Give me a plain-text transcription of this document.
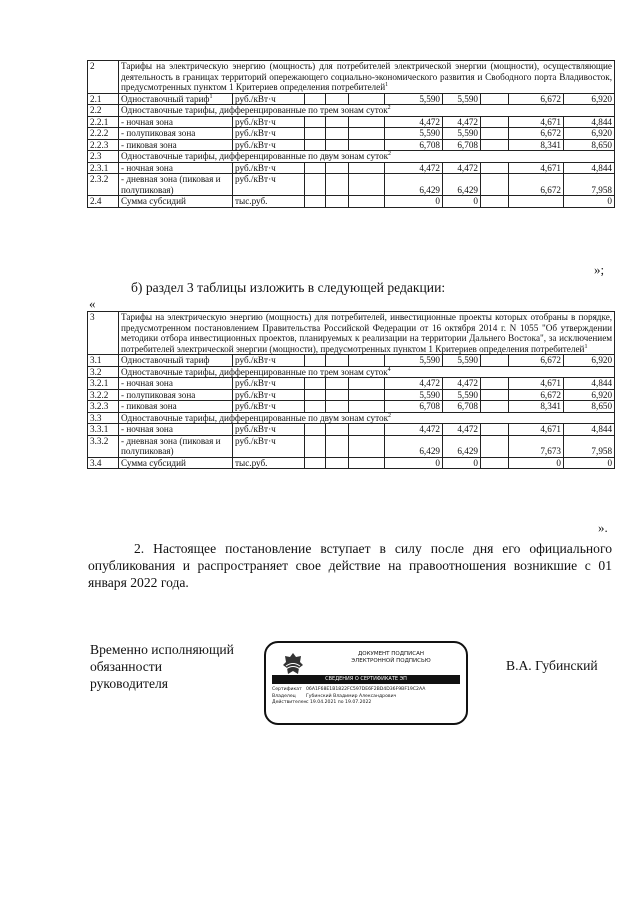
2	Тарифы на электрическую энергию (мощность) для потребителей электрической энергии (мощности), осуществляющие деятельность в границах территорий опережающего социально-экономического развития и Свободного порта Владивосток, предусмотренных пунктом 1 Критериев определения потребителей$^1$
2.1	Одноставочный тариф$^1$	руб./кВт·ч				5,590	5,590		6,672	6,920
2.2	Одноставочные тарифы, дифференцированные по трем зонам суток$^2$
2.2.1	- ночная зона	руб./кВт·ч				4,472	4,472		4,671	4,844
2.2.2	- полупиковая зона	руб./кВт·ч				5,590	5,590		6,672	6,920
2.2.3	- пиковая зона	руб./кВт·ч				6,708	6,708		8,341	8,650
2.3	Одноставочные тарифы, дифференцированные по двум зонам суток$^2$
2.3.1	- ночная зона	руб./кВт·ч				4,472	4,472		4,671	4,844
2.3.2	- дневная зона (пиковая и полупиковая)	руб./кВт·ч				6,429	6,429		6,672	7,958
2.4	Сумма субсидий	тыс.руб.				0	0			0
»;
б) раздел 3 таблицы изложить в следующей редакции:
«
3	Тарифы на электрическую энергию (мощность) для потребителей, инвестиционные проекты которых отобраны в порядке, предусмотренном постановлением Правительства Российской Федерации от 16 октября 2014 г. N 1055 "Об утверждении методики отбора инвестиционных проектов, планируемых к реализации на территории Дальнего Востока", за исключением потребителей электрической энергии (мощности), предусмотренных пунктом 1 Критериев определения потребителей$^1$
3.1	Одноставочный тариф	руб./кВт·ч				5,590	5,590		6,672	6,920
3.2	Одноставочные тарифы, дифференцированные по трем зонам суток$^4$
3.2.1	- ночная зона	руб./кВт·ч				4,472	4,472		4,671	4,844
3.2.2	- полупиковая зона	руб./кВт·ч				5,590	5,590		6,672	6,920
3.2.3	- пиковая зона	руб./кВт·ч				6,708	6,708		8,341	8,650
3.3	Одноставочные тарифы, дифференцированные по двум зонам суток$^2$
3.3.1	- ночная зона	руб./кВт·ч				4,472	4,472		4,671	4,844
3.3.2	- дневная зона (пиковая и полупиковая)	руб./кВт·ч				6,429	6,429		7,673	7,958
3.4	Сумма субсидий	тыс.руб.				0	0		0	0
».
2. Настоящее постановление вступает в силу после дня его официального опубликования и распространяет свое действие на правоотношения возникшие с 01 января 2022 года.
Временно исполняющий
обязанности
руководителя
В.А. Губинский
ДОКУМЕНТ ПОДПИСАН
ЭЛЕКТРОННОЙ ПОДПИСЬЮ
СВЕДЕНИЯ О СЕРТИФИКАТЕ ЭП
Сертификат 06A1F68E1B1822FC597DE6F2BD4D36F9BF19C2AA
Владелец Губинский Владимир Александрович
Действителенс 19.04.2021 по 19.07.2022
